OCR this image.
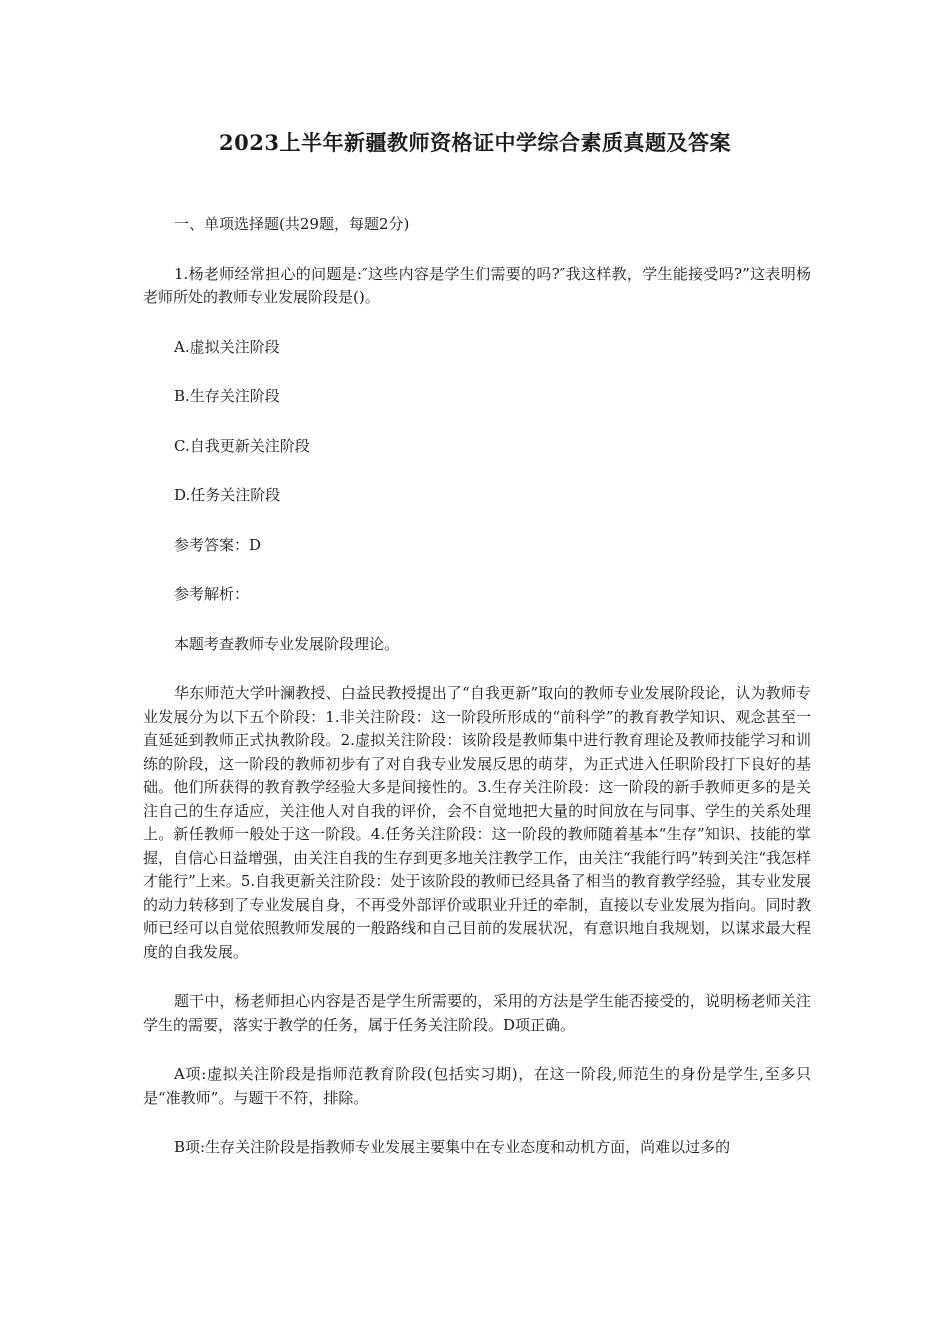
2023上半年新疆教师资格证中学综合素质真题及答案

一、单项选择题(共29题，每题2分)

1.杨老师经常担心的问题是:″这些内容是学生们需要的吗?″我这样教，学生能接受吗?”这表明杨老师所处的教师专业发展阶段是()。

A.虚拟关注阶段

B.生存关注阶段

C.自我更新关注阶段

D.任务关注阶段

参考答案：D

参考解析：

本题考查教师专业发展阶段理论。

华东师范大学叶澜教授、白益民教授提出了“自我更新”取向的教师专业发展阶段论，认为教师专业发展分为以下五个阶段：1.非关注阶段：这一阶段所形成的“前科学”的教育教学知识、观念甚至一直延延到教师正式执教阶段。2.虚拟关注阶段：该阶段是教师集中进行教育理论及教师技能学习和训练的阶段，这一阶段的教师初步有了对自我专业发展反思的萌芽，为正式进入任职阶段打下良好的基础。他们所获得的教育教学经验大多是间接性的。3.生存关注阶段：这一阶段的新手教师更多的是关注自己的生存适应，关注他人对自我的评价，会不自觉地把大量的时间放在与同事、学生的关系处理上。新任教师一般处于这一阶段。4.任务关注阶段：这一阶段的教师随着基本“生存”知识、技能的掌握，自信心日益增强，由关注自我的生存到更多地关注教学工作，由关注“我能行吗”转到关注“我怎样才能行”上来。5.自我更新关注阶段：处于该阶段的教师已经具备了相当的教育教学经验，其专业发展的动力转移到了专业发展自身，不再受外部评价或职业升迁的牵制，直接以专业发展为指向。同时教师已经可以自觉依照教师发展的一般路线和自己目前的发展状况，有意识地自我规划，以谋求最大程度的自我发展。

题干中，杨老师担心内容是否是学生所需要的，采用的方法是学生能否接受的，说明杨老师关注学生的需要，落实于教学的任务，属于任务关注阶段。D项正确。

A项:虚拟关注阶段是指师范教育阶段(包括实习期)，在这一阶段,师范生的身份是学生,至多只是“准教师”。与题干不符，排除。

B项:生存关注阶段是指教师专业发展主要集中在专业态度和动机方面，尚难以过多的
